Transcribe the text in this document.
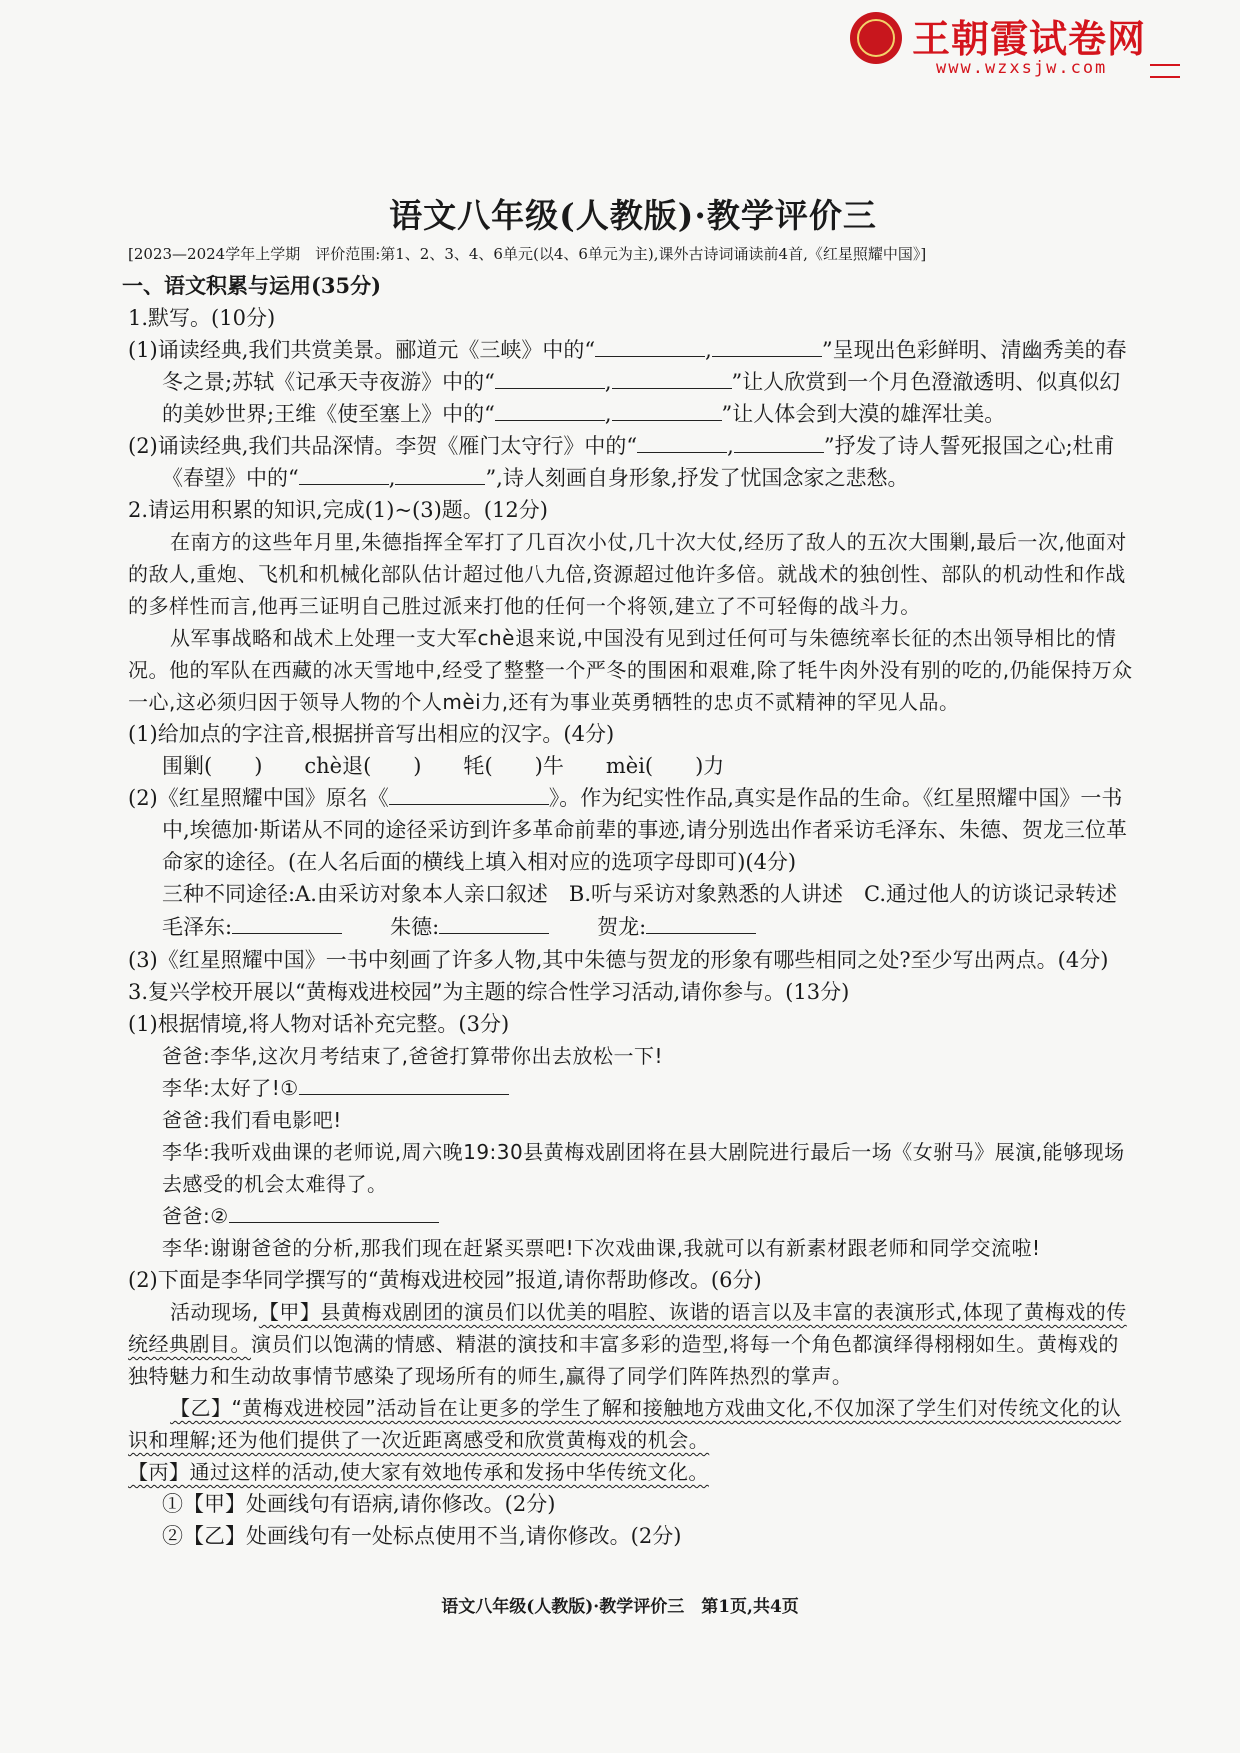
王朝霞试卷网
www.wzxsjw.com
语文八年级(人教版)·教学评价三
[2023—2024学年上学期　评价范围:第1、2、3、4、6单元(以4、6单元为主),课外古诗词诵读前4首,《红星照耀中国》]
一、语文积累与运用(35分)

1.默写。(10分)

(1)诵读经典,我们共赏美景。郦道元《三峡》中的“	,	”呈现出色彩鲜明、清幽秀美的春冬之景;苏轼《记承天寺夜游》中的“	,	”让人欣赏到一个月色澄澈透明、似真似幻的美妙世界;王维《使至塞上》中的“	,	”让人体会到大漠的雄浑壮美。

(2)诵读经典,我们共品深情。李贺《雁门太守行》中的“	,	”抒发了诗人誓死报国之心;杜甫《春望》中的“	,	”,诗人刻画自身形象,抒发了忧国念家之悲愁。

2.请运用积累的知识,完成(1)~(3)题。(12分)

在南方的这些年月里,朱德指挥全军打了几百次小仗,几十次大仗,经历了敌人的五次大围剿,最后一次,他面对的敌人,重炮、飞机和机械化部队估计超过他八九倍,资源超过他许多倍。就战术的独创性、部队的机动性和作战的多样性而言,他再三证明自己胜过派来打他的任何一个将领,建立了不可轻侮的战斗力。

从军事战略和战术上处理一支大军chè退来说,中国没有见到过任何可与朱德统率长征的杰出领导相比的情况。他的军队在西藏的冰天雪地中,经受了整整一个严冬的围困和艰难,除了牦牛肉外没有别的吃的,仍能保持万众一心,这必须归因于领导人物的个人mèi力,还有为事业英勇牺牲的忠贞不贰精神的罕见人品。

(1)给加点的字注音,根据拼音写出相应的汉字。(4分)

围剿(　　)　　chè退(　　)　　牦(　　)牛　　mèi(　　)力

(2)《红星照耀中国》原名《	》。作为纪实性作品,真实是作品的生命。《红星照耀中国》一书中,埃德加·斯诺从不同的途径采访到许多革命前辈的事迹,请分别选出作者采访毛泽东、朱德、贺龙三位革命家的途径。(在人名后面的横线上填入相对应的选项字母即可)(4分)

三种不同途径:A.由采访对象本人亲口叙述　B.听与采访对象熟悉的人讲述　C.通过他人的访谈记录转述

毛泽东:	朱德:	贺龙:

(3)《红星照耀中国》一书中刻画了许多人物,其中朱德与贺龙的形象有哪些相同之处?至少写出两点。(4分)

3.复兴学校开展以“黄梅戏进校园”为主题的综合性学习活动,请你参与。(13分)

(1)根据情境,将人物对话补充完整。(3分)

爸爸:李华,这次月考结束了,爸爸打算带你出去放松一下!

李华:太好了!①

爸爸:我们看电影吧!

李华:我听戏曲课的老师说,周六晚19:30县黄梅戏剧团将在县大剧院进行最后一场《女驸马》展演,能够现场去感受的机会太难得了。

爸爸:②

李华:谢谢爸爸的分析,那我们现在赶紧买票吧!下次戏曲课,我就可以有新素材跟老师和同学交流啦!

(2)下面是李华同学撰写的“黄梅戏进校园”报道,请你帮助修改。(6分)

活动现场,【甲】县黄梅戏剧团的演员们以优美的唱腔、诙谐的语言以及丰富的表演形式,体现了黄梅戏的传统经典剧目。演员们以饱满的情感、精湛的演技和丰富多彩的造型,将每一个角色都演绎得栩栩如生。黄梅戏的独特魅力和生动故事情节感染了现场所有的师生,赢得了同学们阵阵热烈的掌声。

【乙】“黄梅戏进校园”活动旨在让更多的学生了解和接触地方戏曲文化,不仅加深了学生们对传统文化的认识和理解;还为他们提供了一次近距离感受和欣赏黄梅戏的机会。

【丙】通过这样的活动,使大家有效地传承和发扬中华传统文化。

①【甲】处画线句有语病,请你修改。(2分)

②【乙】处画线句有一处标点使用不当,请你修改。(2分)

语文八年级(人教版)·教学评价三　第1页,共4页
